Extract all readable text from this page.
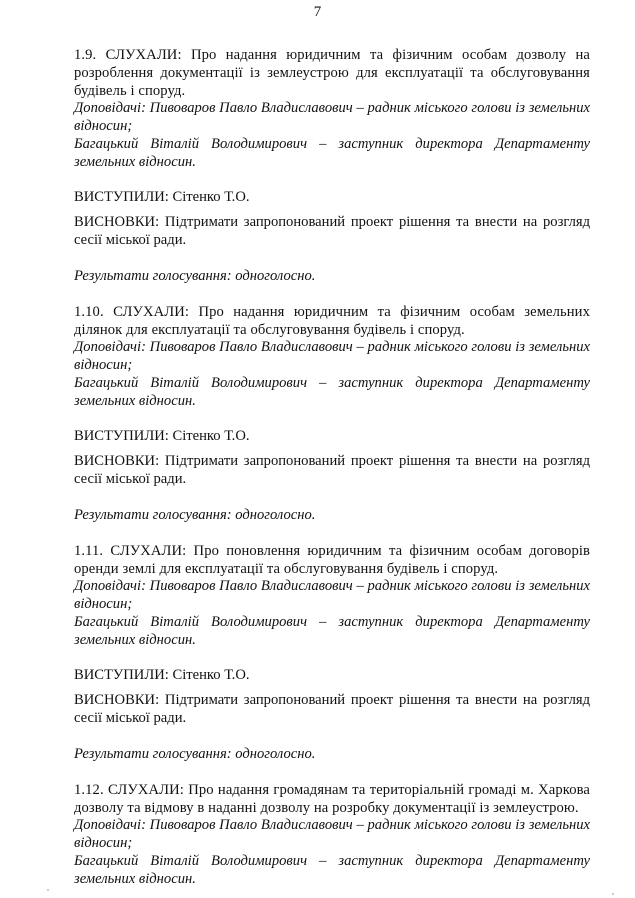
7

1.9. СЛУХАЛИ: Про надання юридичним та фізичним особам дозволу на розроблення документації із землеустрою для експлуатації та обслуговування будівель і споруд.

Доповідачі: Пивоваров Павло Владиславович – радник міського голови із земельних відносин;

Багацький Віталій Володимирович – заступник директора Департаменту земельних відносин.

ВИСТУПИЛИ: Сітенко Т.О.

ВИСНОВКИ: Підтримати запропонований проект рішення та внести на розгляд сесії міської ради.

Результати голосування: одноголосно.

1.10. СЛУХАЛИ: Про надання юридичним та фізичним особам земельних ділянок для експлуатації та обслуговування будівель і споруд.

Доповідачі: Пивоваров Павло Владиславович – радник міського голови із земельних відносин;

Багацький Віталій Володимирович – заступник директора Департаменту земельних відносин.

ВИСТУПИЛИ: Сітенко Т.О.

ВИСНОВКИ: Підтримати запропонований проект рішення та внести на розгляд сесії міської ради.

Результати голосування: одноголосно.

1.11. СЛУХАЛИ: Про поновлення юридичним та фізичним особам договорів оренди землі для експлуатації та обслуговування будівель і споруд.

Доповідачі: Пивоваров Павло Владиславович – радник міського голови із земельних відносин;

Багацький Віталій Володимирович – заступник директора Департаменту земельних відносин.

ВИСТУПИЛИ: Сітенко Т.О.

ВИСНОВКИ: Підтримати запропонований проект рішення та внести на розгляд сесії міської ради.

Результати голосування: одноголосно.

1.12. СЛУХАЛИ: Про надання громадянам та територіальній громаді м. Харкова дозволу та відмову в наданні дозволу на розробку документації із землеустрою.

Доповідачі: Пивоваров Павло Владиславович – радник міського голови із земельних відносин;

Багацький Віталій Володимирович – заступник директора Департаменту земельних відносин.
